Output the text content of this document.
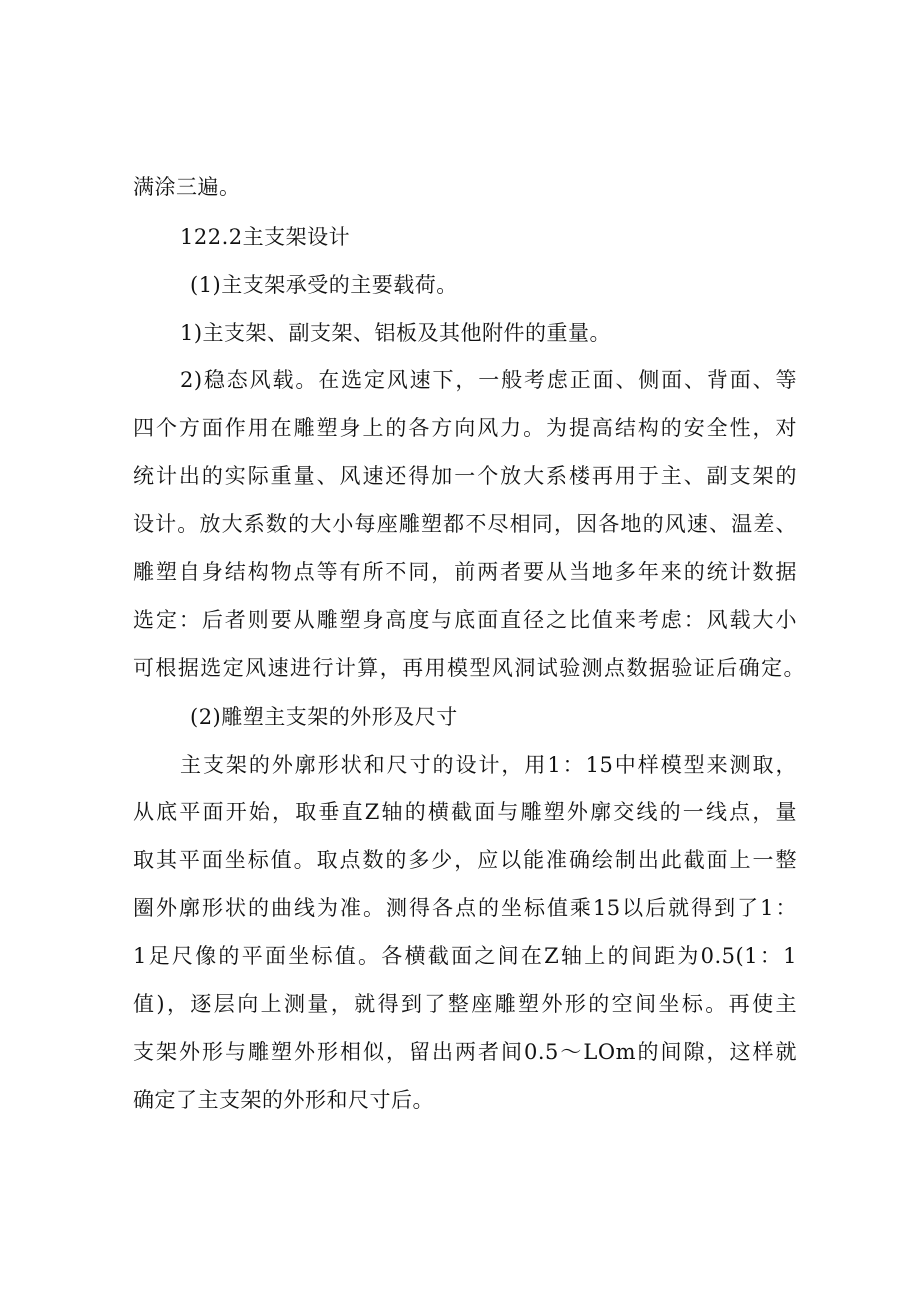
满涂三遍。
122.2主支架设计
(1)主支架承受的主要载荷。
1)主支架、副支架、铝板及其他附件的重量。
2)稳态风载。在选定风速下，一般考虑正面、侧面、背面、等
四个方面作用在雕塑身上的各方向风力。为提高结构的安全性，对
统计出的实际重量、风速还得加一个放大系楼再用于主、副支架的
设计。放大系数的大小每座雕塑都不尽相同，因各地的风速、温差、
雕塑自身结构物点等有所不同，前两者要从当地多年来的统计数据
选定：后者则要从雕塑身高度与底面直径之比值来考虑：风载大小
可根据选定风速进行计算，再用模型风洞试验测点数据验证后确定。
(2)雕塑主支架的外形及尺寸
主支架的外廓形状和尺寸的设计，用1：15中样模型来测取，
从底平面开始，取垂直Z轴的横截面与雕塑外廓交线的一线点，量
取其平面坐标值。取点数的多少，应以能准确绘制出此截面上一整
圈外廓形状的曲线为准。测得各点的坐标值乘15以后就得到了1：
1足尺像的平面坐标值。各横截面之间在Z轴上的间距为0.5(1：1
值)，逐层向上测量，就得到了整座雕塑外形的空间坐标。再使主
支架外形与雕塑外形相似，留出两者间0.5～LOm的间隙，这样就
确定了主支架的外形和尺寸后。
